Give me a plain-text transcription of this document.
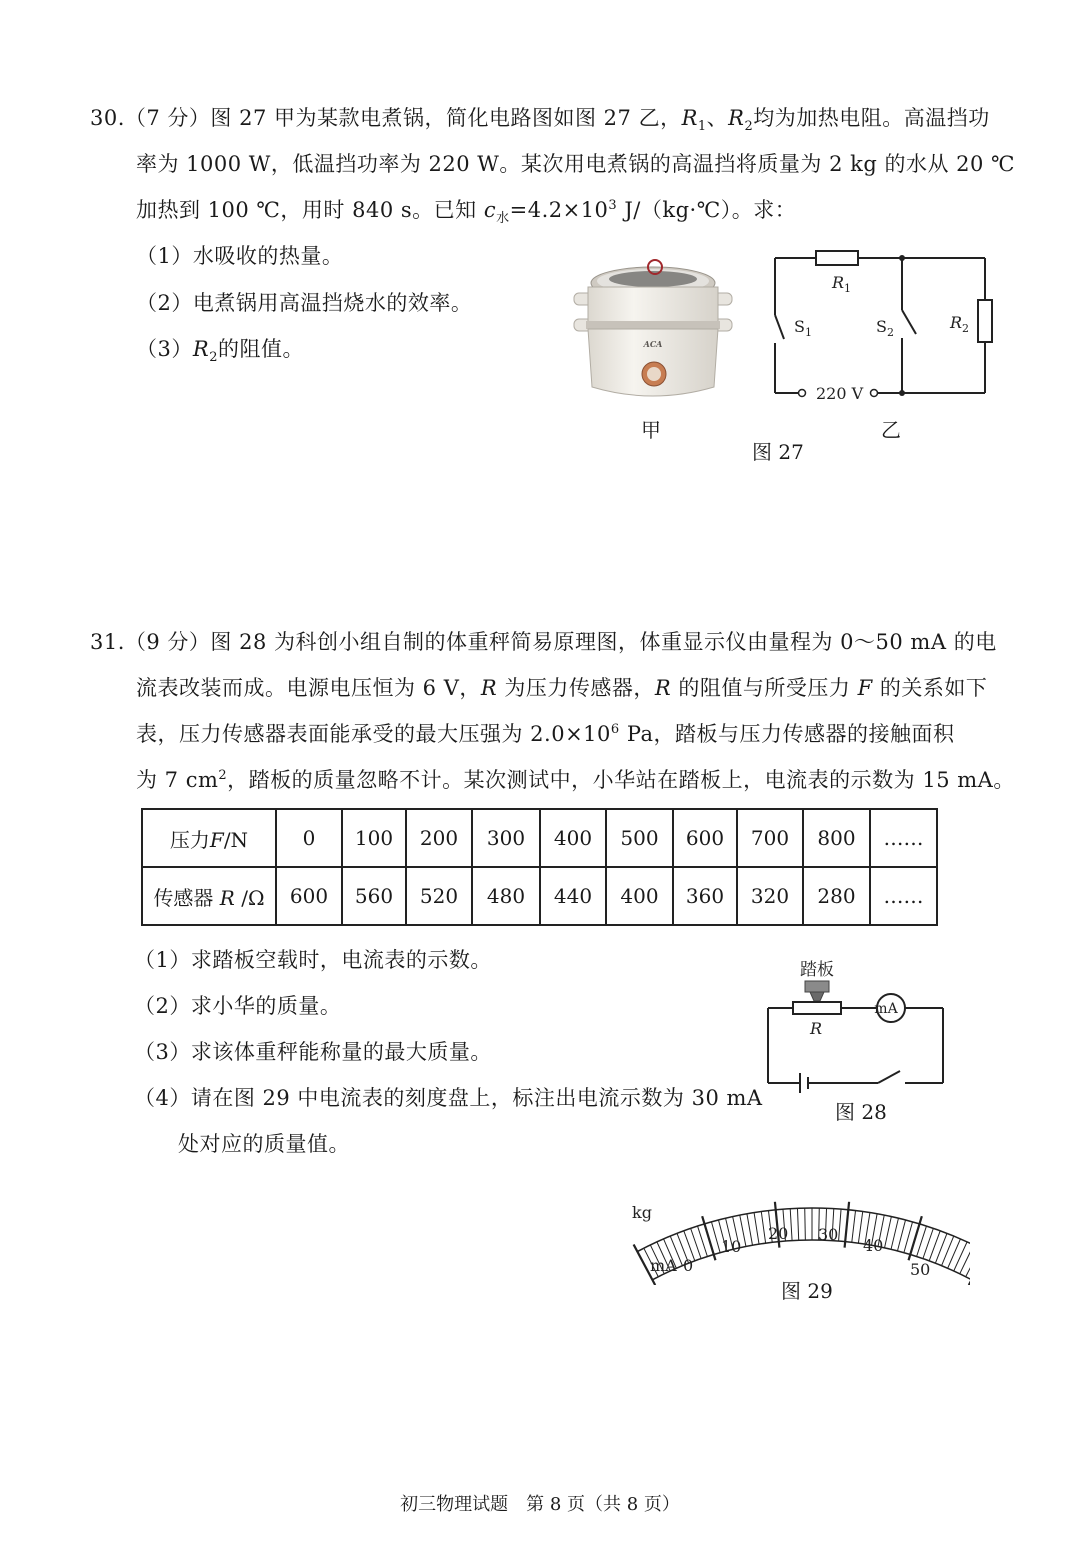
30.（7 分）图 27 甲为某款电煮锅，简化电路图如图 27 乙，$R_1$、$R_2$均为加热电阻。高温挡功
率为 1000 W，低温挡功率为 220 W。某次用电煮锅的高温挡将质量为 2 kg 的水从 20 ℃
加热到 100 ℃，用时 840 s。已知 $c_水=4.2\times 10^3$ J/（kg·℃）。求：
（1）水吸收的热量。
（2）电煮锅用高温挡烧水的效率。
$(3)R_2$的阻值。	ACA
$R_1$
$R_2$
$S_1$	$S_2$
220 V
甲	乙
图 27
31.（9 分）图 28 为科创小组自制的体重秤简易原理图，体重显示仪由量程为 0～50 mA 的电
流表改装而成。电源电压恒为 6 V，R 为压力传感器，R 的阻值与所受压力 F 的关系如下
表，压力传感器表面能承受的最大压强为 $2.0\times 10^6$ Pa，踏板与压力传感器的接触面积
为 7 $cm^2$，踏板的质量忽略不计。某次测试中，小华站在踏板上，电流表的示数为 15 mA。
压力F/N	0	100	200	300	400	500	600	700	800	……
传感器 R /Ω	600	560	520	480	440	400	360	320	280	……
（1）求踏板空载时，电流表的示数。
（2）求小华的质量。
（3）求该体重秤能称量的最大质量。
（4）请在图 29 中电流表的刻度盘上，标注出电流示数为 30 mA
处对应的质量值。
踏板
mA
R
图 28
kg
mA 0
10
20 30
40
50
图 29
初三物理试题　第 8 页（共 8 页）
